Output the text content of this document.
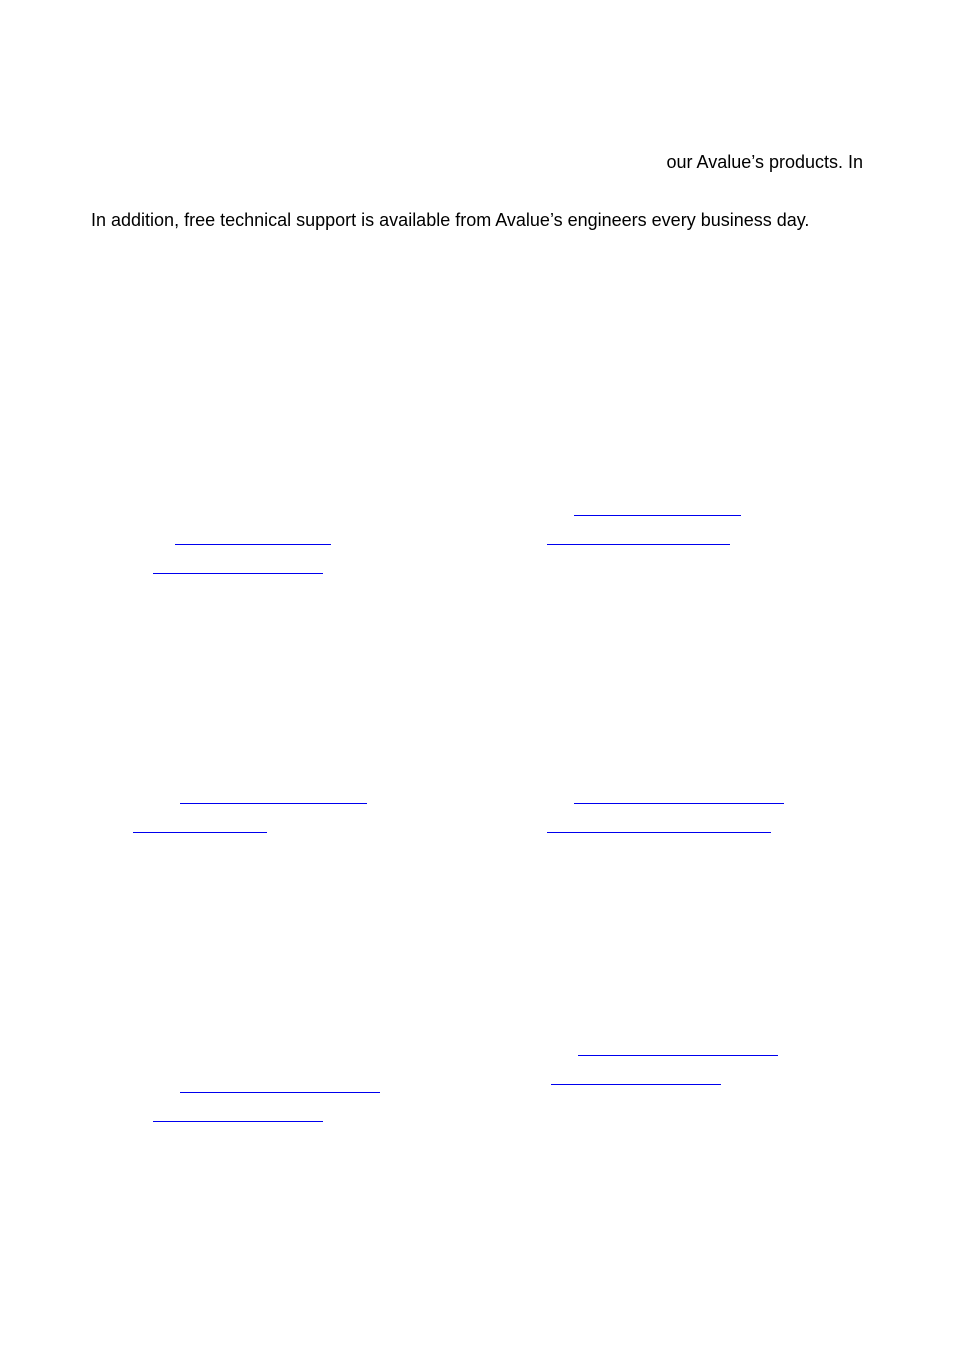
our Avalue’s products. In

In addition, free technical support is available from Avalue’s engineers every business day.
